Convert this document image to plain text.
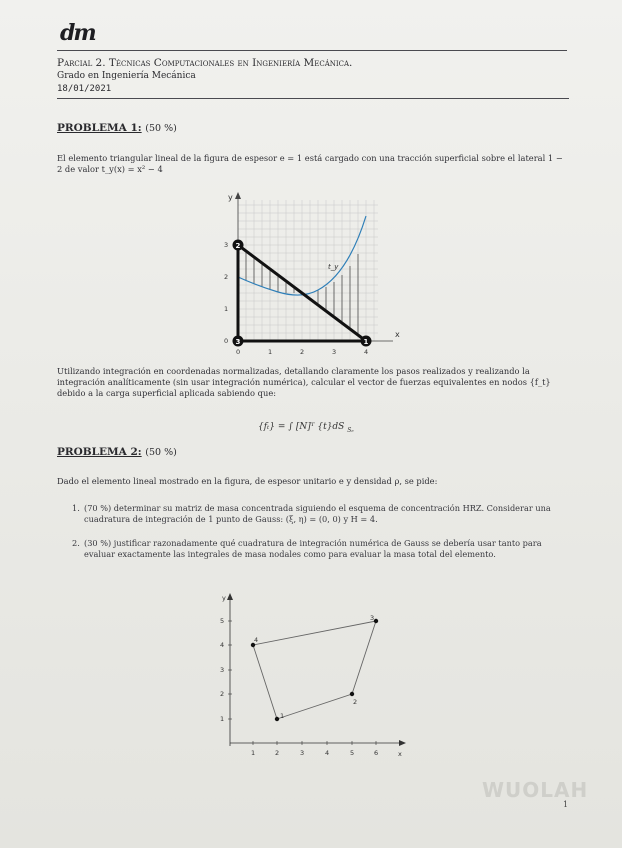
dm
Parcial 2. Técnicas Computacionales en Ingeniería Mecánica.
Grado en Ingeniería Mecánica
18/01/2021
PROBLEMA 1: (50 %)
El elemento triangular lineal de la figura de espesor e = 1 está cargado con una tracción superficial sobre el lateral 1 − 2 de valor t_y(x) = x² − 4
y
x
0	1	2	3	4
0
1
2
3
t_y
2
3	1
Utilizando integración en coordenadas normalizadas, detallando claramente los pasos realizados y realizando la integración analíticamente (sin usar integración numérica), calcular el vector de fuerzas equivalentes en nodos {f_t} debido a la carga superficial aplicada sabiendo que:
{fₜ} = ∫ [N]ᵀ {t}dS $_{S_e}$
PROBLEMA 2: (50 %)
Dado el elemento lineal mostrado en la figura, de espesor unitario e y densidad ρ, se pide:
1. (70 %) determinar su matriz de masa concentrada siguiendo el esquema de concentración HRZ. Considerar una cuadratura de integración de 1 punto de Gauss: (ξ, η) = (0, 0) y H = 4.
2. (30 %) justificar razonadamente qué cuadratura de integración numérica de Gauss se debería usar tanto para evaluar exactamente las integrales de masa nodales como para evaluar la masa total del elemento.
y
x
1	2	3	4	5	6
1
2
3
4
5
1
2
3
4
WUOLAH
1
